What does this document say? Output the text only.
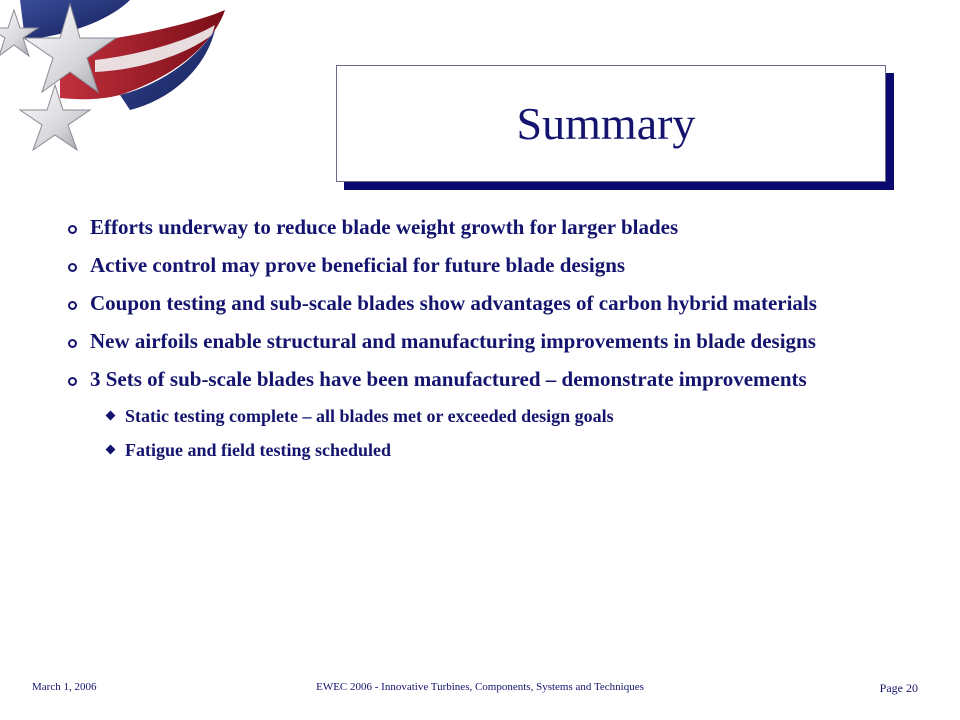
Summary
Efforts underway to reduce blade weight growth for larger blades
Active control may prove beneficial for future blade designs
Coupon testing and sub-scale blades show advantages of carbon hybrid materials
New airfoils enable structural and manufacturing improvements in blade designs
3 Sets of sub-scale blades have been manufactured – demonstrate improvements
Static testing complete – all blades met or exceeded design goals
Fatigue and field testing scheduled
March 1, 2006	EWEC 2006 - Innovative Turbines, Components, Systems and Techniques	Page 20
